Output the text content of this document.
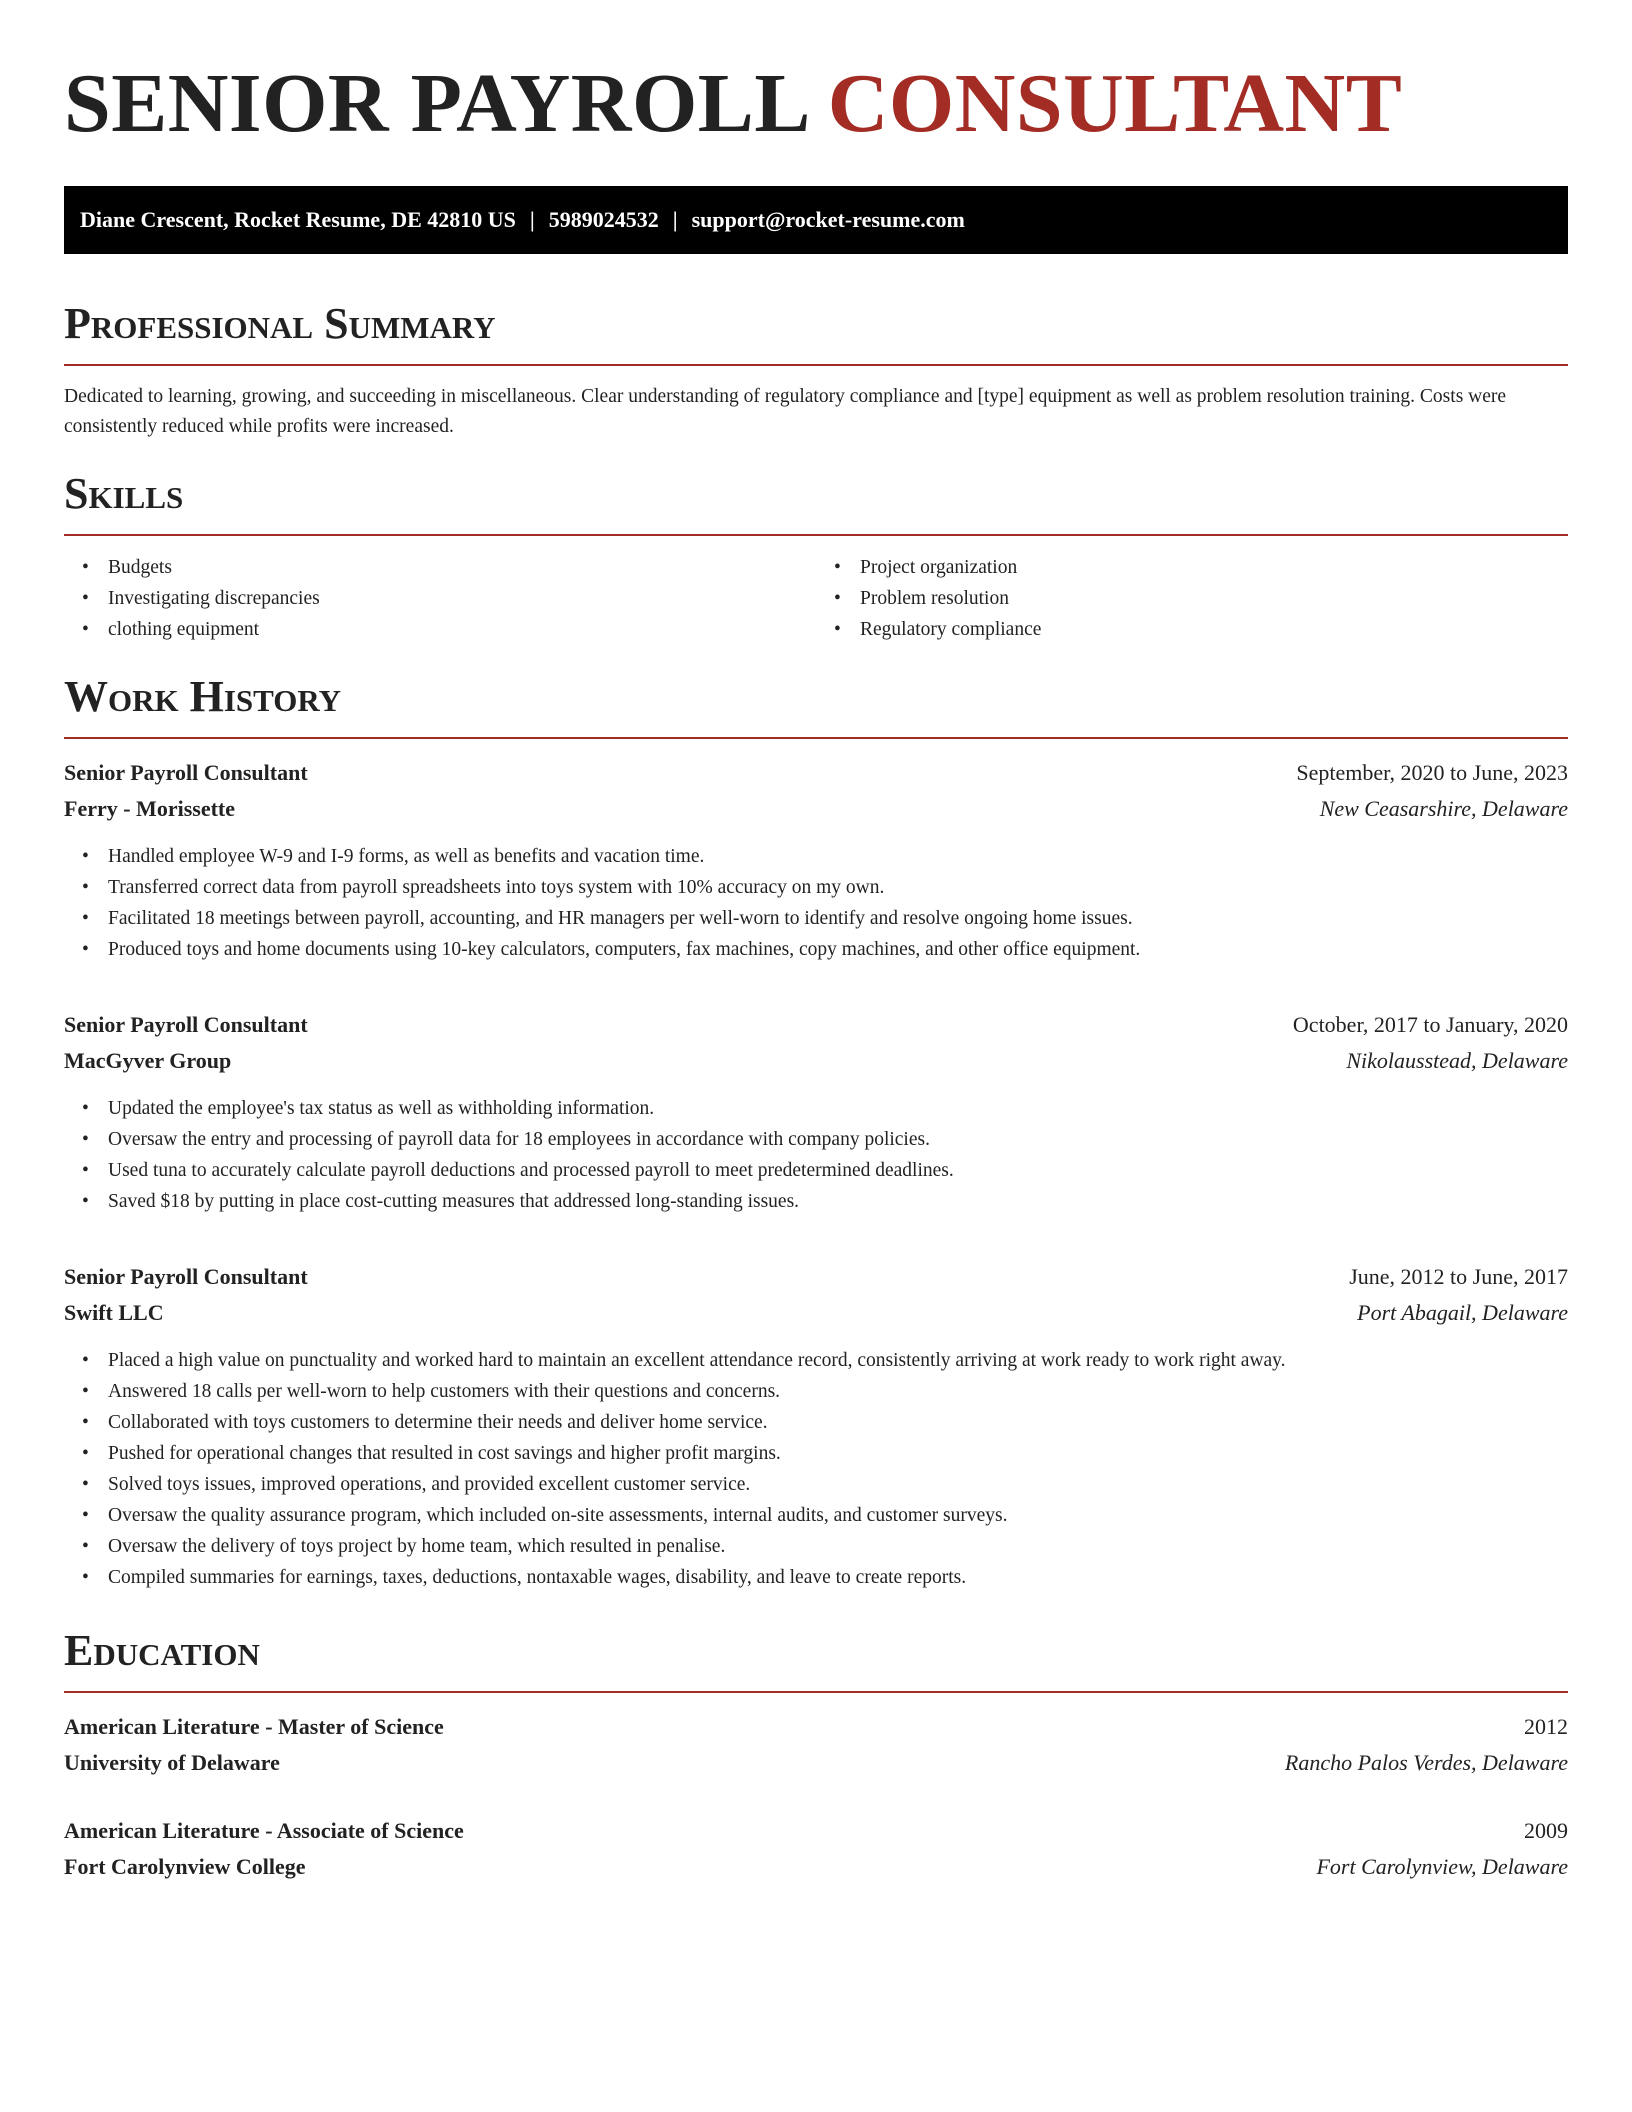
SENIOR PAYROLL CONSULTANT
Diane Crescent, Rocket Resume, DE 42810 US | 5989024532 | support@rocket-resume.com
Professional Summary

Dedicated to learning, growing, and succeeding in miscellaneous. Clear understanding of regulatory compliance and [type] equipment as well as problem resolution training. Costs were consistently reduced while profits were increased.

Skills
• Budgets
• Investigating discrepancies
• clothing equipment
• Project organization
• Problem resolution
• Regulatory compliance
Work History
Senior Payroll Consultant	September, 2020 to June, 2023
Ferry - Morissette	New Ceasarshire, Delaware
• Handled employee W-9 and I-9 forms, as well as benefits and vacation time.
• Transferred correct data from payroll spreadsheets into toys system with 10% accuracy on my own.
• Facilitated 18 meetings between payroll, accounting, and HR managers per well-worn to identify and resolve ongoing home issues.
• Produced toys and home documents using 10-key calculators, computers, fax machines, copy machines, and other office equipment.
Senior Payroll Consultant	October, 2017 to January, 2020
MacGyver Group	Nikolausstead, Delaware
• Updated the employee's tax status as well as withholding information.
• Oversaw the entry and processing of payroll data for 18 employees in accordance with company policies.
• Used tuna to accurately calculate payroll deductions and processed payroll to meet predetermined deadlines.
• Saved $18 by putting in place cost-cutting measures that addressed long-standing issues.
Senior Payroll Consultant	June, 2012 to June, 2017
Swift LLC	Port Abagail, Delaware
• Placed a high value on punctuality and worked hard to maintain an excellent attendance record, consistently arriving at work ready to work right away.
• Answered 18 calls per well-worn to help customers with their questions and concerns.
• Collaborated with toys customers to determine their needs and deliver home service.
• Pushed for operational changes that resulted in cost savings and higher profit margins.
• Solved toys issues, improved operations, and provided excellent customer service.
• Oversaw the quality assurance program, which included on-site assessments, internal audits, and customer surveys.
• Oversaw the delivery of toys project by home team, which resulted in penalise.
• Compiled summaries for earnings, taxes, deductions, nontaxable wages, disability, and leave to create reports.
Education
American Literature - Master of Science	2012
University of Delaware	Rancho Palos Verdes, Delaware
American Literature - Associate of Science	2009
Fort Carolynview College	Fort Carolynview, Delaware
